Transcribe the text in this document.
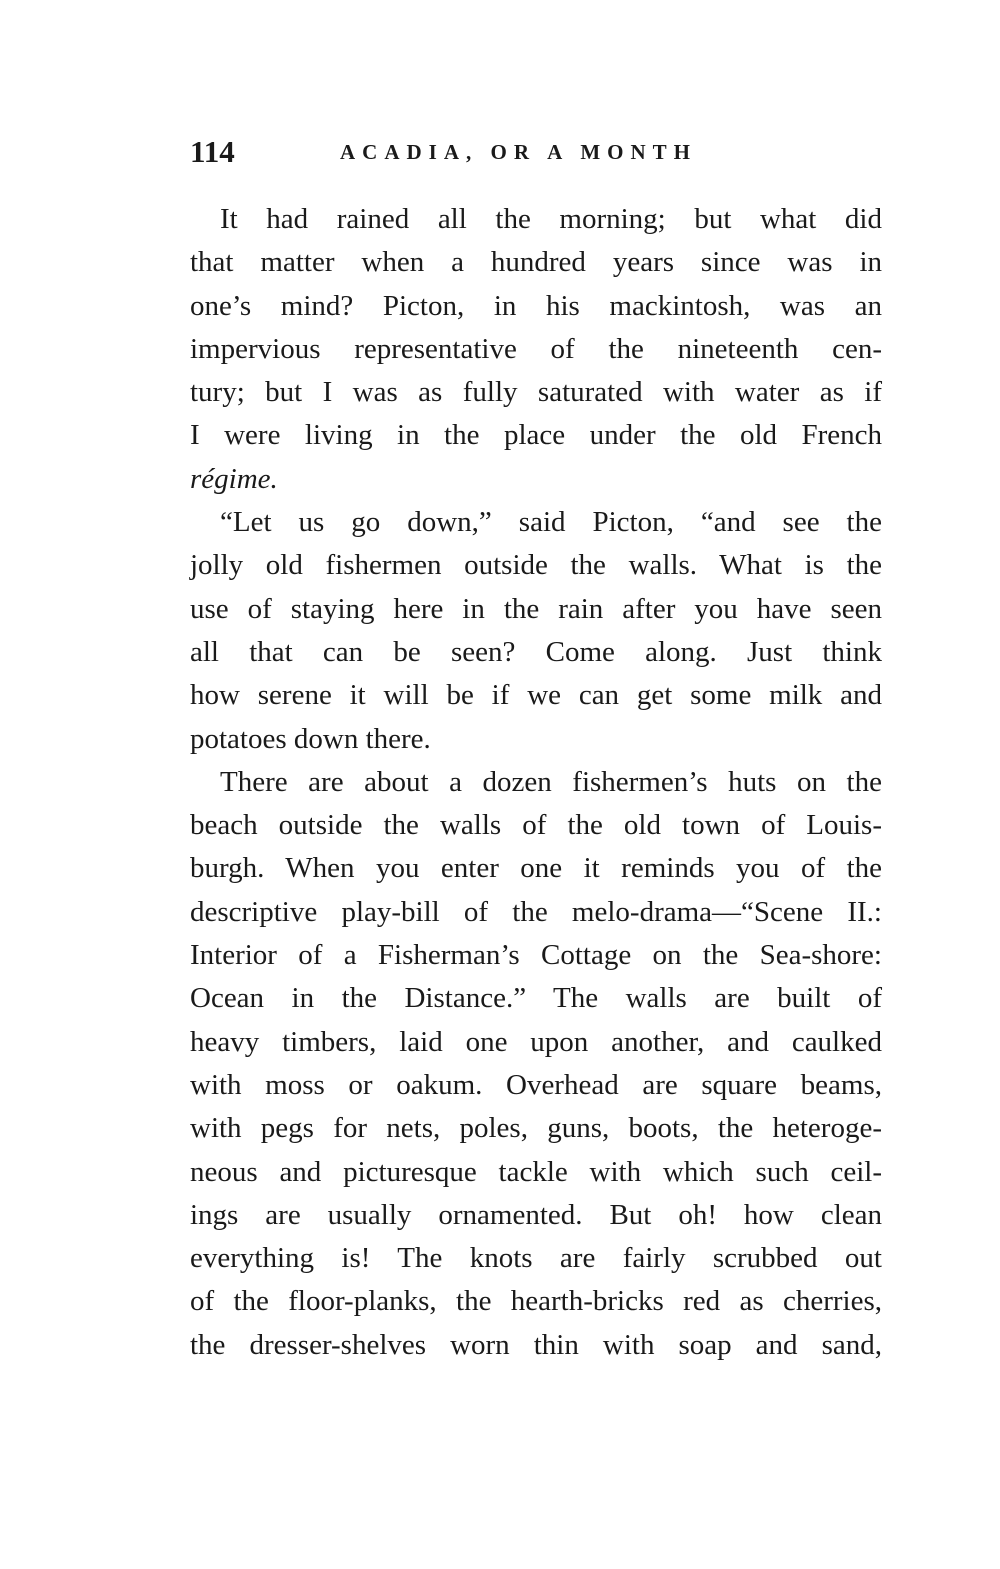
114	ACADIA, OR A MONTH
It had rained all the morning; but what did
that matter when a hundred years since was in
one’s mind? Picton, in his mackintosh, was an
impervious representative of the nineteenth cen-
tury; but I was as fully saturated with water as if
I were living in the place under the old French
régime.
“Let us go down,” said Picton, “and see the
jolly old fishermen outside the walls. What is the
use of staying here in the rain after you have seen
all that can be seen? Come along. Just think
how serene it will be if we can get some milk and
potatoes down there.
There are about a dozen fishermen’s huts on the
beach outside the walls of the old town of Louis-
burgh. When you enter one it reminds you of the
descriptive play-bill of the melo-drama—“Scene II.:
Interior of a Fisherman’s Cottage on the Sea-shore:
Ocean in the Distance.” The walls are built of
heavy timbers, laid one upon another, and caulked
with moss or oakum. Overhead are square beams,
with pegs for nets, poles, guns, boots, the heteroge-
neous and picturesque tackle with which such ceil-
ings are usually ornamented. But oh! how clean
everything is! The knots are fairly scrubbed out
of the floor-planks, the hearth-bricks red as cherries,
the dresser-shelves worn thin with soap and sand,
